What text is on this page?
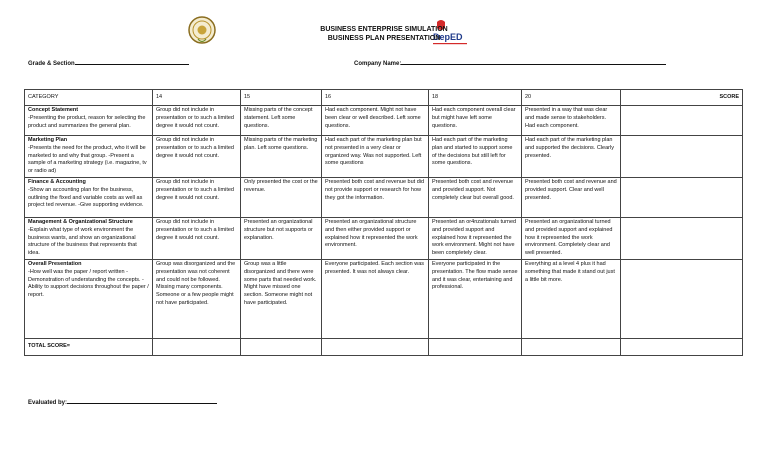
DepED
BUSINESS ENTERPRISE SIMULATION
BUSINESS PLAN PRESENTATION
Grade & Section	Company Name:
CATEGORY	14	15	16	18	20	SCORE

Concept Statement
-Presenting the product, reason for selecting the product and summarizes the general plan.	Group did not include in presentation or to such a limited degree it would not count.	Missing parts of the concept statement. Left some questions.	Had each component. Might not have been clear or well described. Left some questions.	Had each component overall clear but might have left some questions.	Presented in a way that was clear and made sense to stakeholders. Had each component.	

Marketing Plan
-Presents the need for the product, who it will be marketed to and why that group. -Present a sample of a marketing strategy (i.e. magazine, tv or radio ad)	Group did not include in presentation or to such a limited degree it would not count.	Missing parts of the marketing plan. Left some questions.	Had each part of the marketing plan but not presented in a very clear or organized way. Was not supported. Left some questions	Had each part of the marketing plan and started to support some of the decisions but still left for some questions.	Had each part of the marketing plan and supported the decisions. Clearly presented.	

Finance & Accounting
-Show an accounting plan for the business, outlining the fixed and variable costs as well as project ted revenue. -Give supporting evidence.	Group did not include in presentation or to such a limited degree it would not count.	Only presented the cost or the revenue.	Presented both cost and revenue but did not provide support or research for how they got the information.	Presented both cost and revenue and provided support. Not completely clear but overall good.	Presented both cost and revenue and provided support. Clear and well presented.	

Management & Organizational Structure
-Explain what type of work environment the business wants, and show an organizational structure of the business that represents that idea.	Group did not include in presentation or to such a limited degree it would not count.	Presented an organizational structure but not supports or explanation.	Presented an organizational structure and then either provided support or explained how it represented the work environment.	Presented an or4nzationals turned and provided support and explained how it represented the work environment. Might not have been completely clear.	Presented an organizational turned and provided support and explained how it represented the work environment. Completely clear and well presented.	

Overall Presentation
-How well was the paper / report written -Demonstration of understanding the concepts. -Ability to support decisions throughout the paper / report.	Group was disorganized and the presentation was not coherent and could not be followed. Missing many components. Someone or a few people might not have participated.	Group was a little disorganized and there were some parts that needed work. Might have missed one section. Someone might not have participated.	Everyone participated. Each section was presented. It was not always clear.	Everyone participated in the presentation. The flow made sense and it was clear, entertaining and professional.	Everything at a level 4 plus it had something that made it stand out just a little bit more.	
TOTAL SCORE=						
Evaluated by:
